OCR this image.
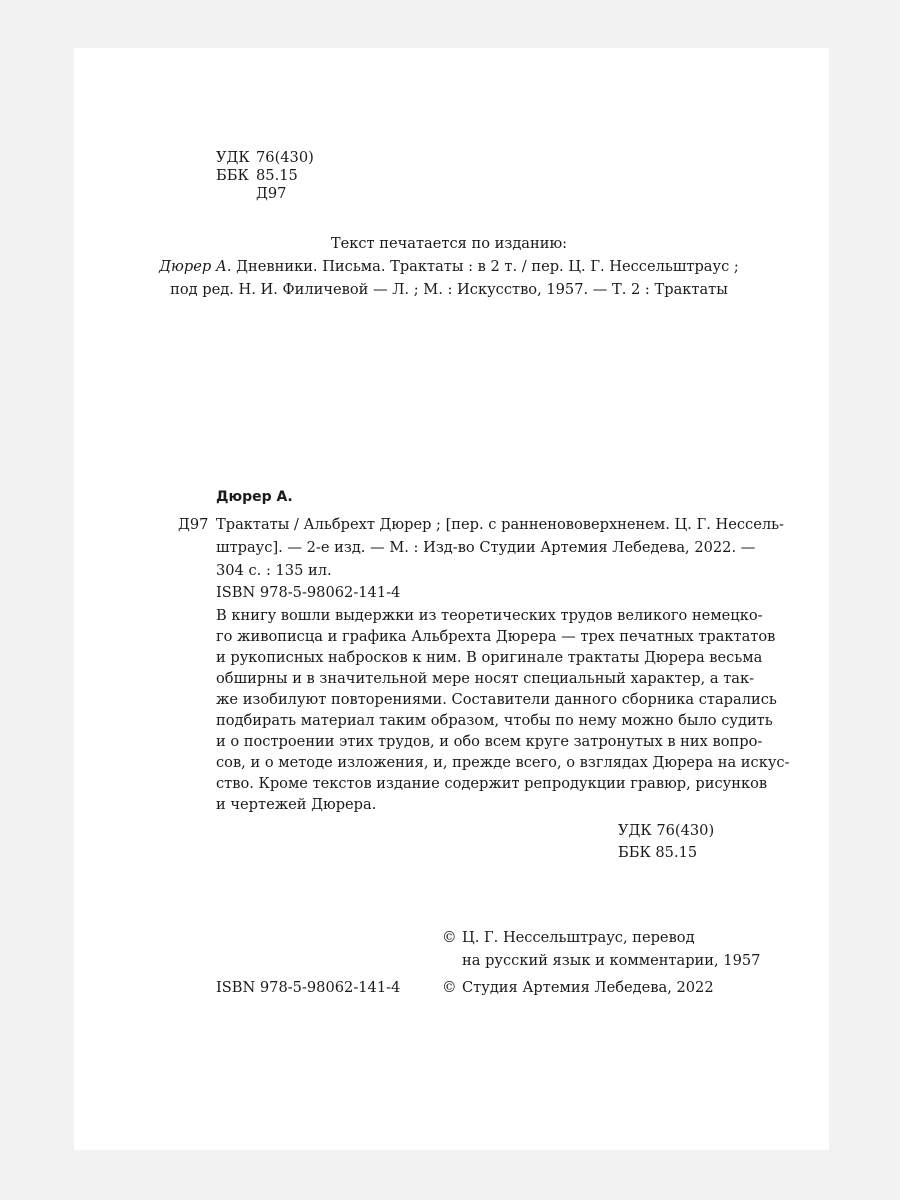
УДК 76(430)
ББК 85.15
Д97
Текст печатается по изданию:
Дюрер А. Дневники. Письма. Трактаты : в 2 т. / пер. Ц. Г. Нессельштраус ;
под ред. Н. И. Филичевой — Л. ; М. : Искусство, 1957. — Т. 2 : Трактаты
Дюрер А.
Д97 Трактаты / Альбрехт Дюрер ; [пер. с ранненововерхненем. Ц. Г. Нессель-
штраус]. — 2-е изд. — М. : Изд-во Студии Артемия Лебедева, 2022. —
304 с. : 135 ил.
ISBN 978-5-98062-141-4
В книгу вошли выдержки из теоретических трудов великого немецко-
го живописца и графика Альбрехта Дюрера — трех печатных трактатов
и рукописных набросков к ним. В оригинале трактаты Дюрера весьма
обширны и в значительной мере носят специальный характер, а так-
же изобилуют повторениями. Составители данного сборника старались
подбирать материал таким образом, чтобы по нему можно было судить
и о построении этих трудов, и обо всем круге затронутых в них вопро-
сов, и о методе изложения, и, прежде всего, о взглядах Дюрера на искус-
ство. Кроме текстов издание содержит репродукции гравюр, рисунков
и чертежей Дюрера.
УДК 76(430)
ББК 85.15
© Ц. Г. Нессельштраус, перевод
на русский язык и комментарии, 1957
© Студия Артемия Лебедева, 2022
ISBN 978-5-98062-141-4
